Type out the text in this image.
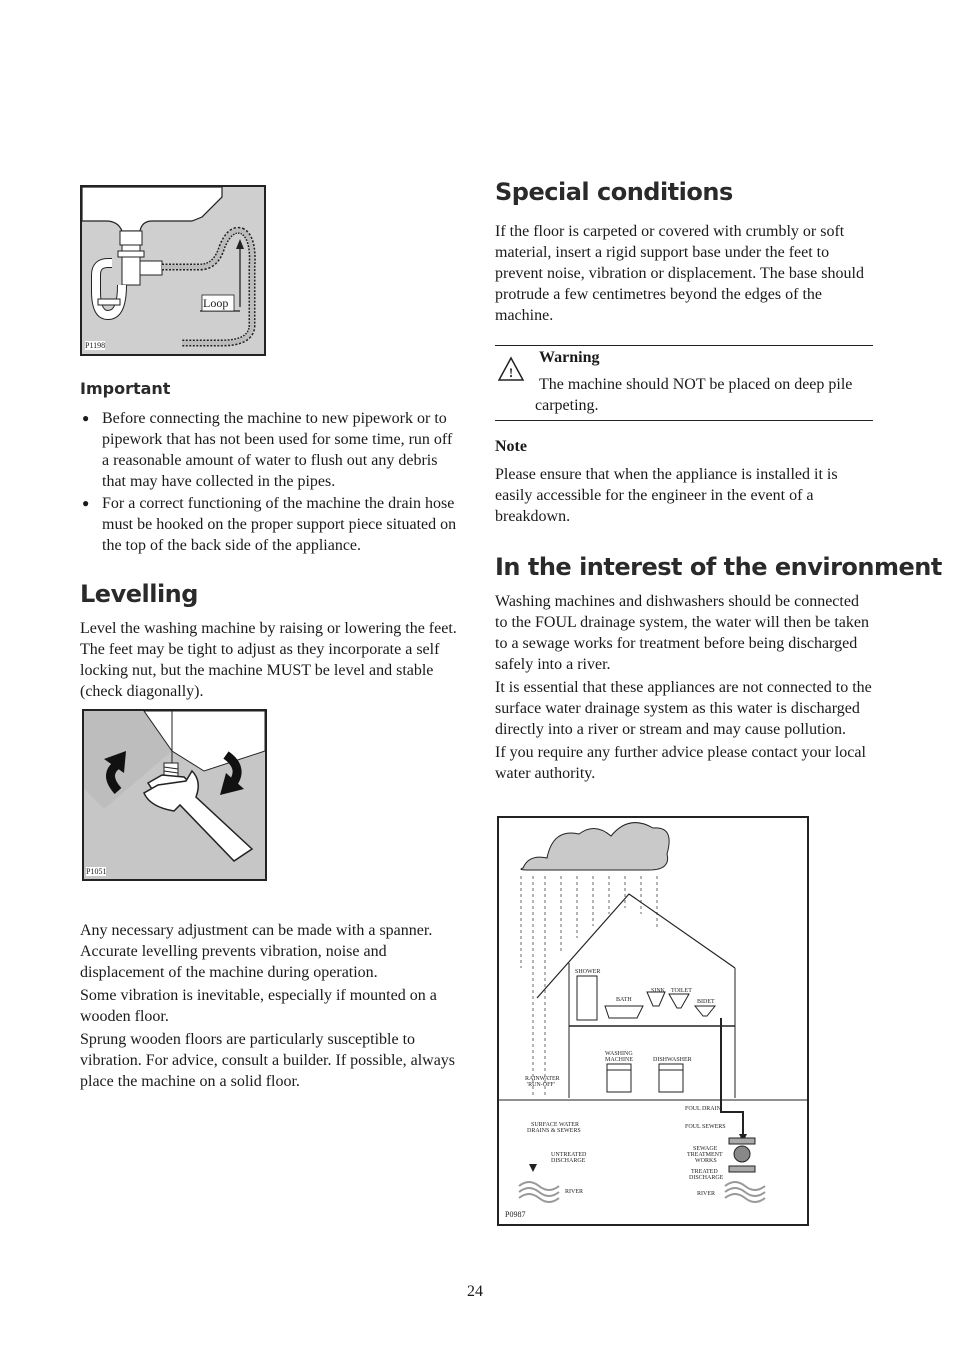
Loop
P1198
Important
● Before connecting the machine to new pipework or to pipework that has not been used for some time, run off a reasonable amount of water to flush out any debris that may have collected in the pipes.
● For a correct functioning of the machine the drain hose must be hooked on the proper support piece situated on the top of the back side of the appliance.
Levelling

Level the washing machine by raising or lowering the feet. The feet may be tight to adjust as they incorporate a self locking nut, but the machine MUST be level and stable (check diagonally).

P1051

Any necessary adjustment can be made with a spanner. Accurate levelling prevents vibration, noise and displacement of the machine during operation.

Some vibration is inevitable, especially if mounted on a wooden floor.

Sprung wooden floors are particularly susceptible to vibration. For advice, consult a builder. If possible, always place the machine on a solid floor.

Special conditions

If the floor is carpeted or covered with crumbly or soft material, insert a rigid support base under the feet to prevent noise, vibration or displacement. The base should protrude a few centimetres beyond the edges of the machine.

!
Warning
The machine should NOT be placed on deep pile carpeting.
Note

Please ensure that when the appliance is installed it is easily accessible for the engineer in the event of a breakdown.

In the interest of the environment

Washing machines and dishwashers should be connected to the FOUL drainage system, the water will then be taken to a sewage works for treatment before being discharged safely into a river.

It is essential that these appliances are not connected to the surface water drainage system as this water is discharged directly into a river or stream and may cause pollution.

If you require any further advice please contact your local water authority.

SHOWER
BATH
SINK TOILET
BIDET
WASHING
MACHINE	DISHWASHER
RAINWATER
'RUN-OFF'
FOUL DRAIN
SURFACE WATER
DRAINS & SEWERS
FOUL SEWERS
SEWAGE
TREATMENT
WORKS
UNTREATED
DISCHARGE
TREATED
DISCHARGE
RIVER	RIVER
P0987
24
